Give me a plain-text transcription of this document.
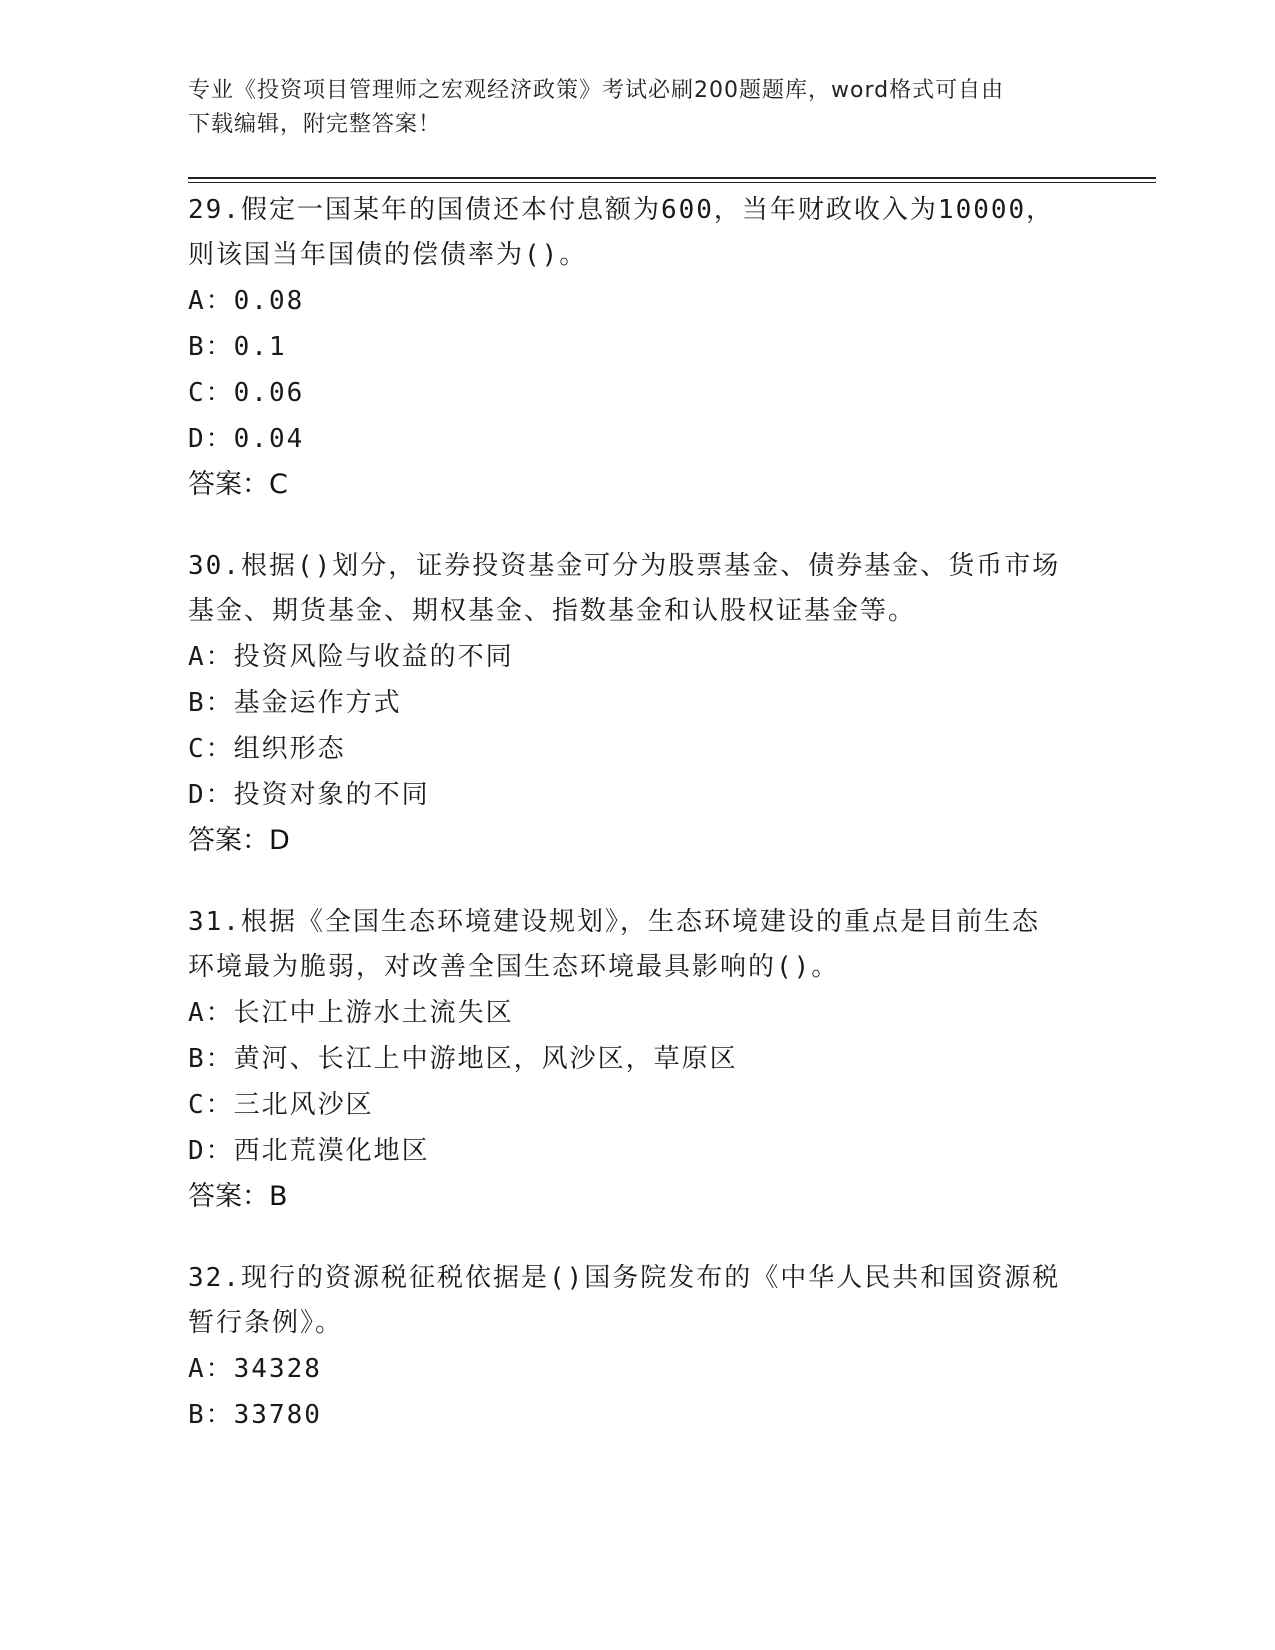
专业《投资项目管理师之宏观经济政策》考试必刷200题题库，word格式可自由
下载编辑，附完整答案！
29.假定一国某年的国债还本付息额为600，当年财政收入为10000，
则该国当年国债的偿债率为()。
A：0.08
B：0.1
C：0.06
D：0.04
答案：C
30.根据()划分，证券投资基金可分为股票基金、债券基金、货币市场
基金、期货基金、期权基金、指数基金和认股权证基金等。
A：投资风险与收益的不同
B：基金运作方式
C：组织形态
D：投资对象的不同
答案：D
31.根据《全国生态环境建设规划》，生态环境建设的重点是目前生态
环境最为脆弱，对改善全国生态环境最具影响的()。
A：长江中上游水土流失区
B：黄河、长江上中游地区，风沙区，草原区
C：三北风沙区
D：西北荒漠化地区
答案：B
32.现行的资源税征税依据是()国务院发布的《中华人民共和国资源税
暂行条例》。
A：34328
B：33780
